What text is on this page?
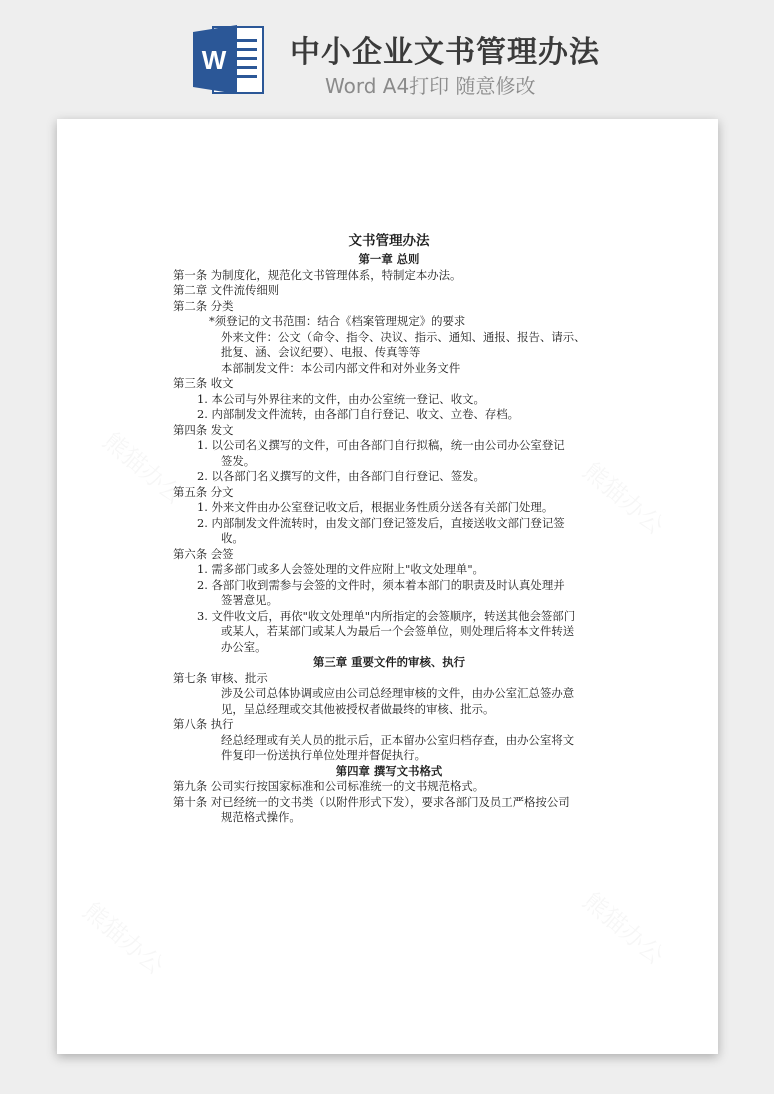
W 中小企业文书管理办法
Word A4打印 随意修改
文书管理办法
第一章 总则
第一条 为制度化，规范化文书管理体系，特制定本办法。
第二章 文件流传细则
第二条 分类
*须登记的文书范围：结合《档案管理规定》的要求
外来文件：公文（命令、指令、决议、指示、通知、通报、报告、请示、
批复、涵、会议纪要）、电报、传真等等
本部制发文件：本公司内部文件和对外业务文件
第三条 收文
1. 本公司与外界往来的文件，由办公室统一登记、收文。
2. 内部制发文件流转，由各部门自行登记、收文、立卷、存档。
第四条 发文
1. 以公司名义撰写的文件，可由各部门自行拟稿，统一由公司办公室登记
签发。
2. 以各部门名义撰写的文件，由各部门自行登记、签发。
第五条 分文
1. 外来文件由办公室登记收文后，根据业务性质分送各有关部门处理。
2. 内部制发文件流转时，由发文部门登记签发后，直接送收文部门登记签
收。
第六条 会签
1. 需多部门或多人会签处理的文件应附上"收文处理单"。
2. 各部门收到需参与会签的文件时，须本着本部门的职责及时认真处理并
签署意见。
3. 文件收文后，再依"收文处理单"内所指定的会签顺序，转送其他会签部门
或某人，若某部门或某人为最后一个会签单位，则处理后将本文件转送
办公室。
第三章 重要文件的审核、执行
第七条 审核、批示
涉及公司总体协调或应由公司总经理审核的文件，由办公室汇总签办意
见，呈总经理或交其他被授权者做最终的审核、批示。
第八条 执行
经总经理或有关人员的批示后，正本留办公室归档存查，由办公室将文
件复印一份送执行单位处理并督促执行。
第四章 撰写文书格式
第九条 公司实行按国家标准和公司标准统一的文书规范格式。
第十条 对已经统一的文书类（以附件形式下发），要求各部门及员工严格按公司
规范格式操作。
